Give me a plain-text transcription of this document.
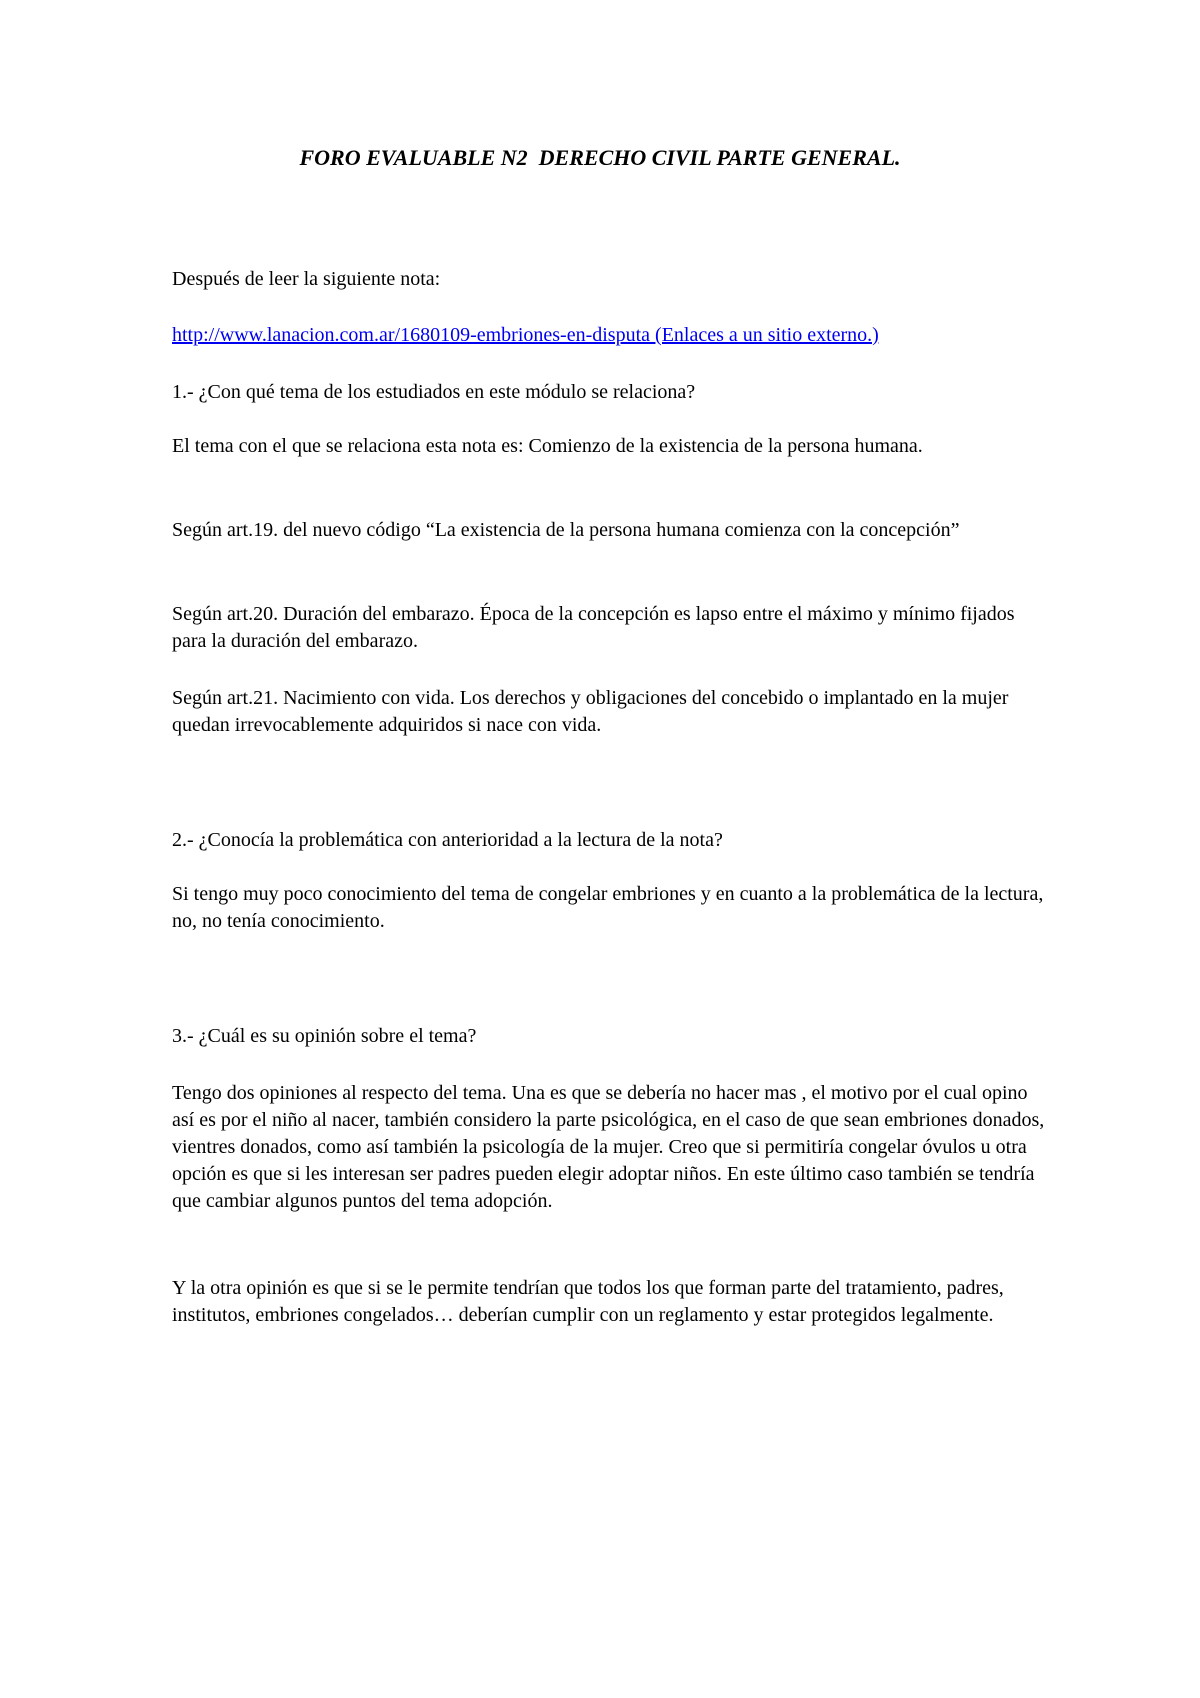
FORO EVALUABLE N2  DERECHO CIVIL PARTE GENERAL.

Después de leer la siguiente nota:

http://www.lanacion.com.ar/1680109-embriones-en-disputa (Enlaces a un sitio externo.)

1.- ¿Con qué tema de los estudiados en este módulo se relaciona?

El tema con el que se relaciona esta nota es: Comienzo de la existencia de la persona humana.

Según art.19. del nuevo código “La existencia de la persona humana comienza con la concepción”

Según art.20. Duración del embarazo. Época de la concepción es lapso entre el máximo y mínimo fijados para la duración del embarazo.

Según art.21. Nacimiento con vida. Los derechos y obligaciones del concebido o implantado en la mujer quedan irrevocablemente adquiridos si nace con vida.

2.- ¿Conocía la problemática con anterioridad a la lectura de la nota?

Si tengo muy poco conocimiento del tema de congelar embriones y en cuanto a la problemática de la lectura, no, no tenía conocimiento.

3.- ¿Cuál es su opinión sobre el tema?

Tengo dos opiniones al respecto del tema. Una es que se debería no hacer mas , el motivo por el cual opino así es por el niño al nacer, también considero la parte psicológica, en el caso de que sean embriones donados, vientres donados, como así también la psicología de la mujer. Creo que si permitiría congelar óvulos u otra opción es que si les interesan ser padres pueden elegir adoptar niños. En este último caso también se tendría que cambiar algunos puntos del tema adopción.

Y la otra opinión es que si se le permite tendrían que todos los que forman parte del tratamiento, padres, institutos, embriones congelados… deberían cumplir con un reglamento y estar protegidos legalmente.
